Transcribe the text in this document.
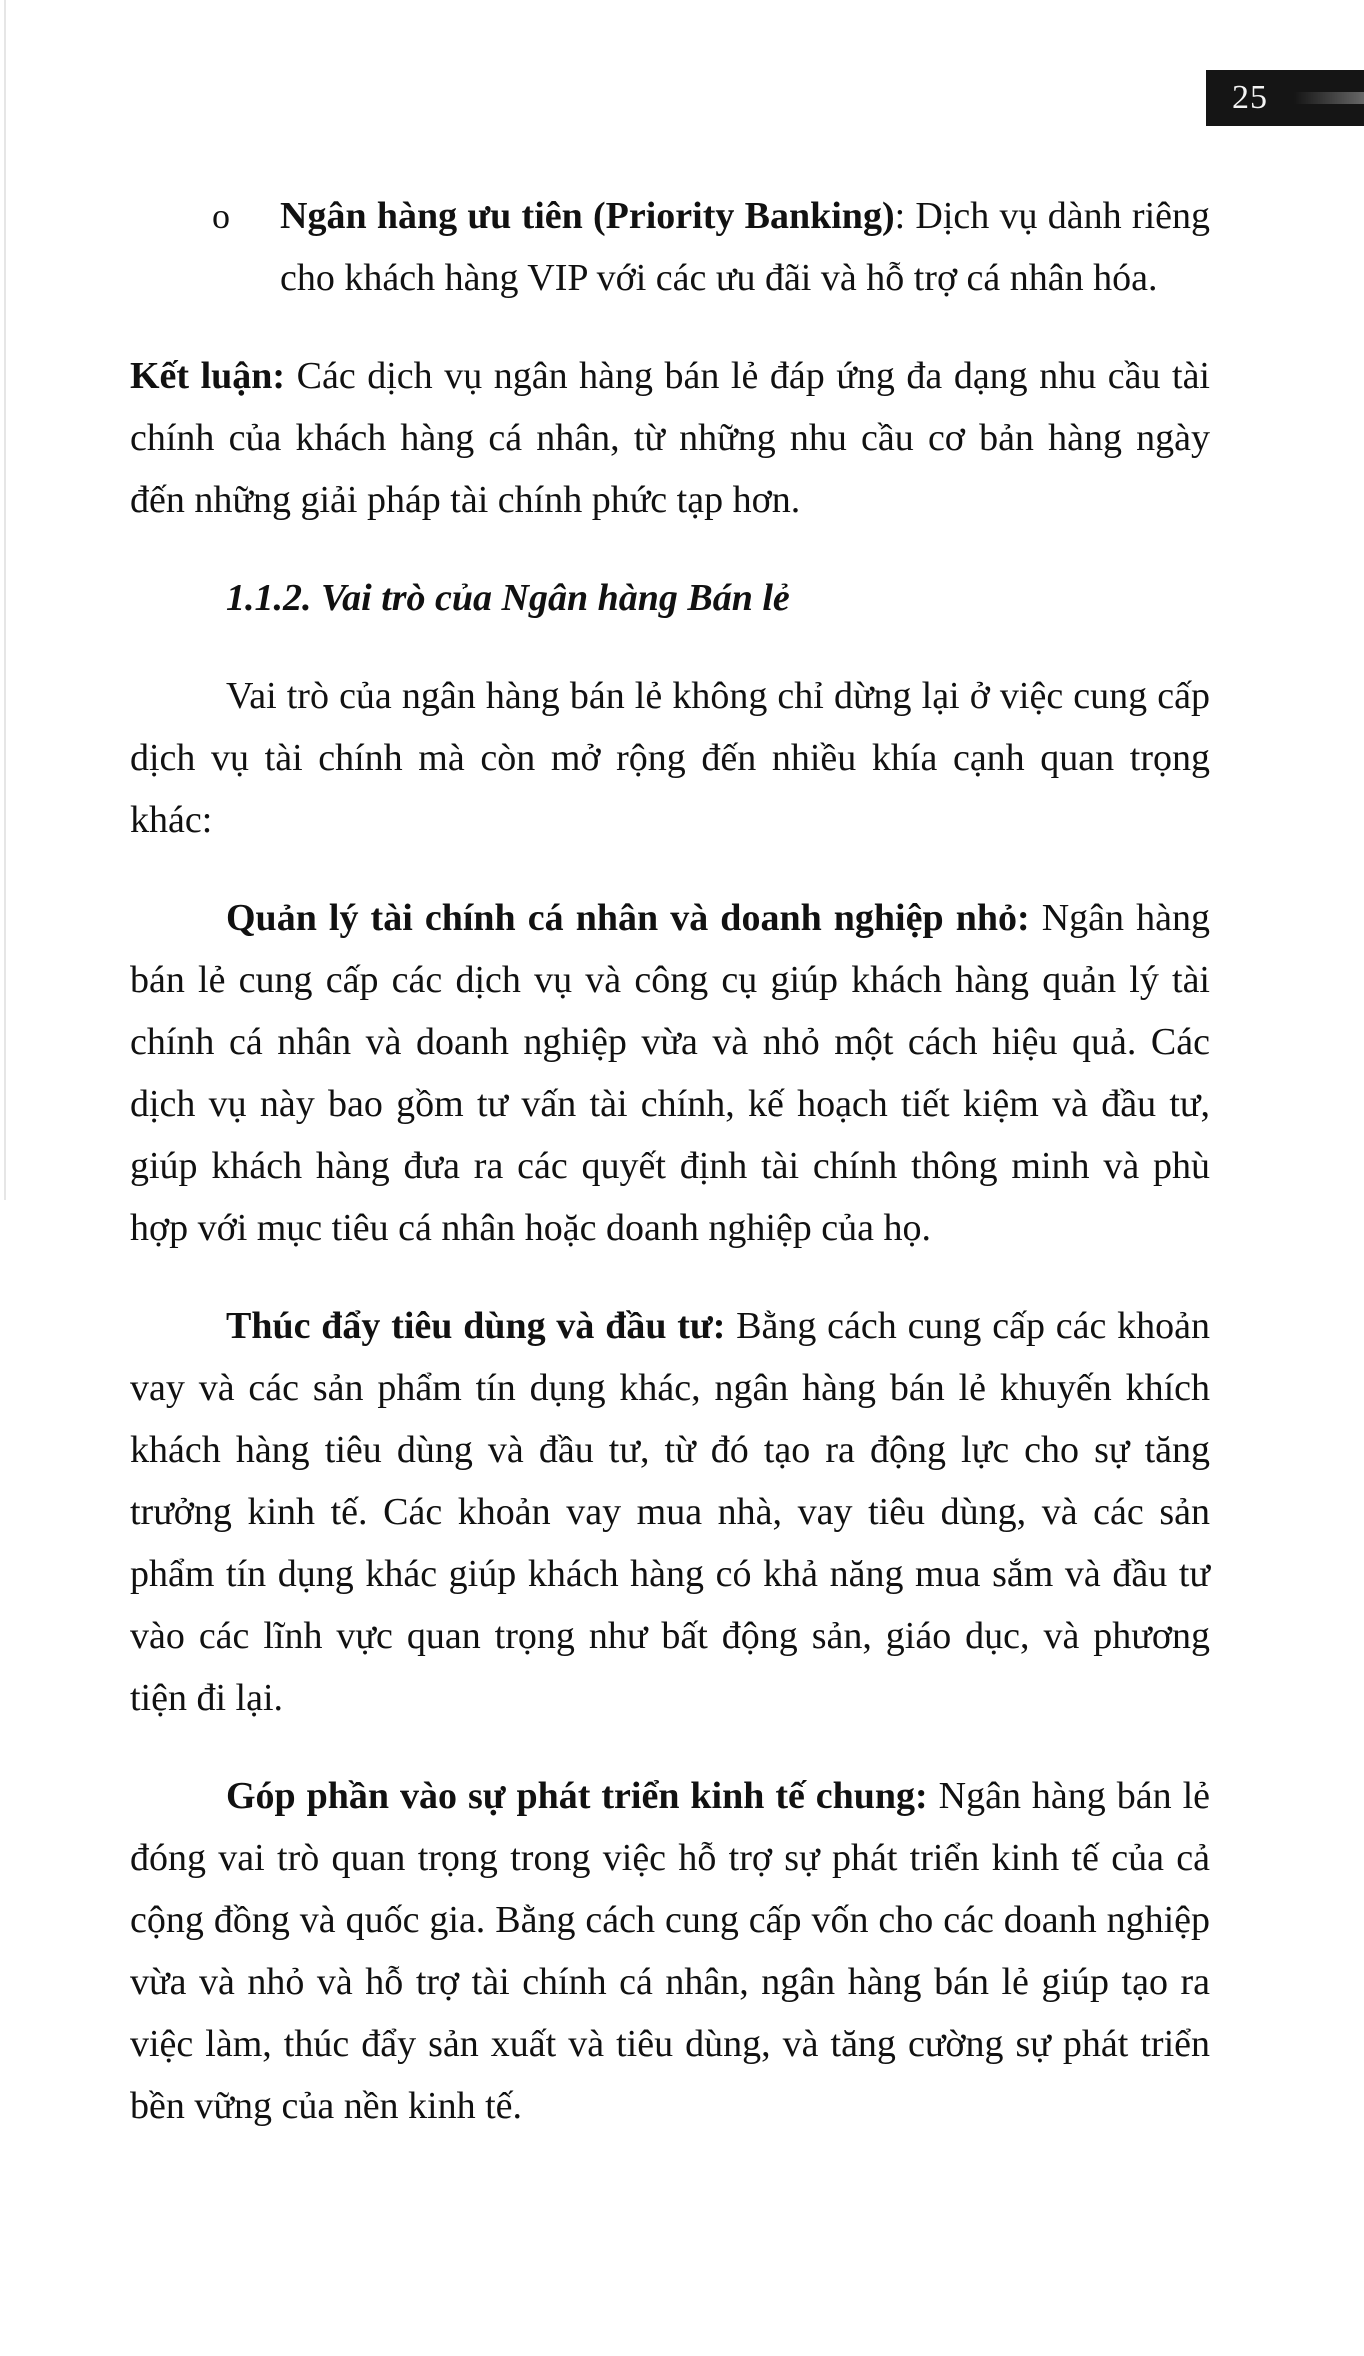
25
o Ngân hàng ưu tiên (Priority Banking): Dịch vụ dành riêng cho khách hàng VIP với các ưu đãi và hỗ trợ cá nhân hóa.

Kết luận: Các dịch vụ ngân hàng bán lẻ đáp ứng đa dạng nhu cầu tài chính của khách hàng cá nhân, từ những nhu cầu cơ bản hàng ngày đến những giải pháp tài chính phức tạp hơn.

1.1.2. Vai trò của Ngân hàng Bán lẻ

Vai trò của ngân hàng bán lẻ không chỉ dừng lại ở việc cung cấp dịch vụ tài chính mà còn mở rộng đến nhiều khía cạnh quan trọng khác:

Quản lý tài chính cá nhân và doanh nghiệp nhỏ: Ngân hàng bán lẻ cung cấp các dịch vụ và công cụ giúp khách hàng quản lý tài chính cá nhân và doanh nghiệp vừa và nhỏ một cách hiệu quả. Các dịch vụ này bao gồm tư vấn tài chính, kế hoạch tiết kiệm và đầu tư, giúp khách hàng đưa ra các quyết định tài chính thông minh và phù hợp với mục tiêu cá nhân hoặc doanh nghiệp của họ.

Thúc đẩy tiêu dùng và đầu tư: Bằng cách cung cấp các khoản vay và các sản phẩm tín dụng khác, ngân hàng bán lẻ khuyến khích khách hàng tiêu dùng và đầu tư, từ đó tạo ra động lực cho sự tăng trưởng kinh tế. Các khoản vay mua nhà, vay tiêu dùng, và các sản phẩm tín dụng khác giúp khách hàng có khả năng mua sắm và đầu tư vào các lĩnh vực quan trọng như bất động sản, giáo dục, và phương tiện đi lại.

Góp phần vào sự phát triển kinh tế chung: Ngân hàng bán lẻ đóng vai trò quan trọng trong việc hỗ trợ sự phát triển kinh tế của cả cộng đồng và quốc gia. Bằng cách cung cấp vốn cho các doanh nghiệp vừa và nhỏ và hỗ trợ tài chính cá nhân, ngân hàng bán lẻ giúp tạo ra việc làm, thúc đẩy sản xuất và tiêu dùng, và tăng cường sự phát triển bền vững của nền kinh tế.
